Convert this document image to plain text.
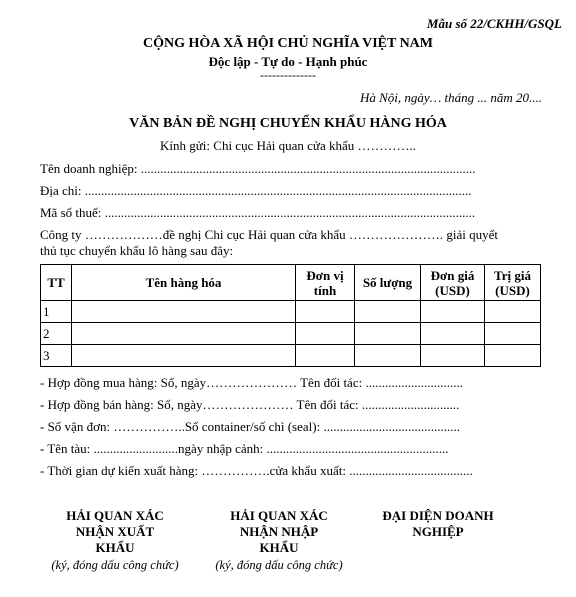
Mẫu số 22/CKHH/GSQL
CỘNG HÒA XÃ HỘI CHỦ NGHĨA VIỆT NAM
Độc lập - Tự do - Hạnh phúc
--------------
Hà Nội, ngày… tháng ... năm 20....
VĂN BẢN ĐỀ NGHỊ CHUYỂN KHẨU HÀNG HÓA
Kính gửi: Chi cục Hải quan cửa khẩu …………..
Tên doanh nghiệp: .......................................................................................................
Địa chỉ: .......................................................................................................................
Mã số thuế: ..................................................................................................................
Công ty ………………đề nghị Chi cục Hải quan cửa khẩu …………………. giải quyết
thủ tục chuyển khẩu lô hàng sau đây:
TT	Tên hàng hóa	Đơn vị tính	Số lượng	Đơn giá (USD)	Trị giá (USD)
1					
2					
3					
- Hợp đồng mua hàng: Số, ngày………………… Tên đối tác: ..............................
- Hợp đồng bán hàng: Số, ngày………………… Tên đối tác: ..............................
- Số vận đơn: ……………..Số container/số chì (seal): ..........................................
- Tên tàu: ..........................ngày nhập cảnh: ........................................................
- Thời gian dự kiến xuất hàng: …………….cửa khẩu xuất: ......................................
HẢI QUAN XÁC NHẬN XUẤT KHẨU
(ký, đóng dấu công chức)
HẢI QUAN XÁC NHẬN NHẬP KHẨU
(ký, đóng dấu công chức)
ĐẠI DIỆN DOANH NGHIỆP
